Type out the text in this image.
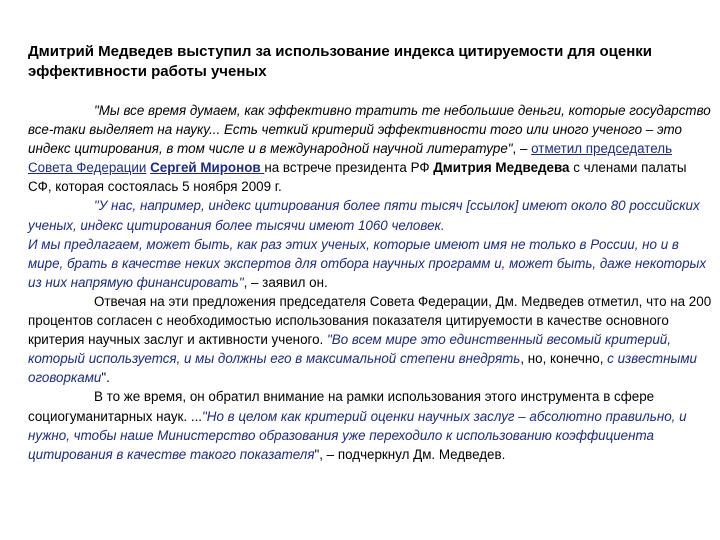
Дмитрий Медведев выступил за использование индекса цитируемости для оценки эффективности работы ученых

"Мы все время думаем, как эффективно тратить те небольшие деньги, которые государство все-таки выделяет на науку... Есть четкий критерий эффективности того или иного ученого – это индекс цитирования, в том числе и в международной научной литературе", – отметил председатель Совета Федерации Сергей Миронов на встрече президента РФ Дмитрия Медведева с членами палаты СФ, которая состоялась 5 ноября 2009 г.

"У нас, например, индекс цитирования более пяти тысяч [ссылок] имеют около 80 российских ученых, индекс цитирования более тысячи имеют 1060 человек.

И мы предлагаем, может быть, как раз этих ученых, которые имеют имя не только в России, но и в мире, брать в качестве неких экспертов для отбора научных программ и, может быть, даже некоторых из них напрямую финансировать", – заявил он.

Отвечая на эти предложения председателя Совета Федерации, Дм. Медведев отметил, что на 200 процентов согласен с необходимостью использования показателя цитируемости в качестве основного критерия научных заслуг и активности ученого. "Во всем мире это единственный весомый критерий, который используется, и мы должны его в максимальной степени внедрять, но, конечно, с известными оговорками".

В то же время, он обратил внимание на рамки использования этого инструмента в сфере социогуманитарных наук. ..."Но в целом как критерий оценки научных заслуг – абсолютно правильно, и нужно, чтобы наше Министерство образования уже переходило к использованию коэффициента цитирования в качестве такого показателя", – подчеркнул Дм. Медведев.
